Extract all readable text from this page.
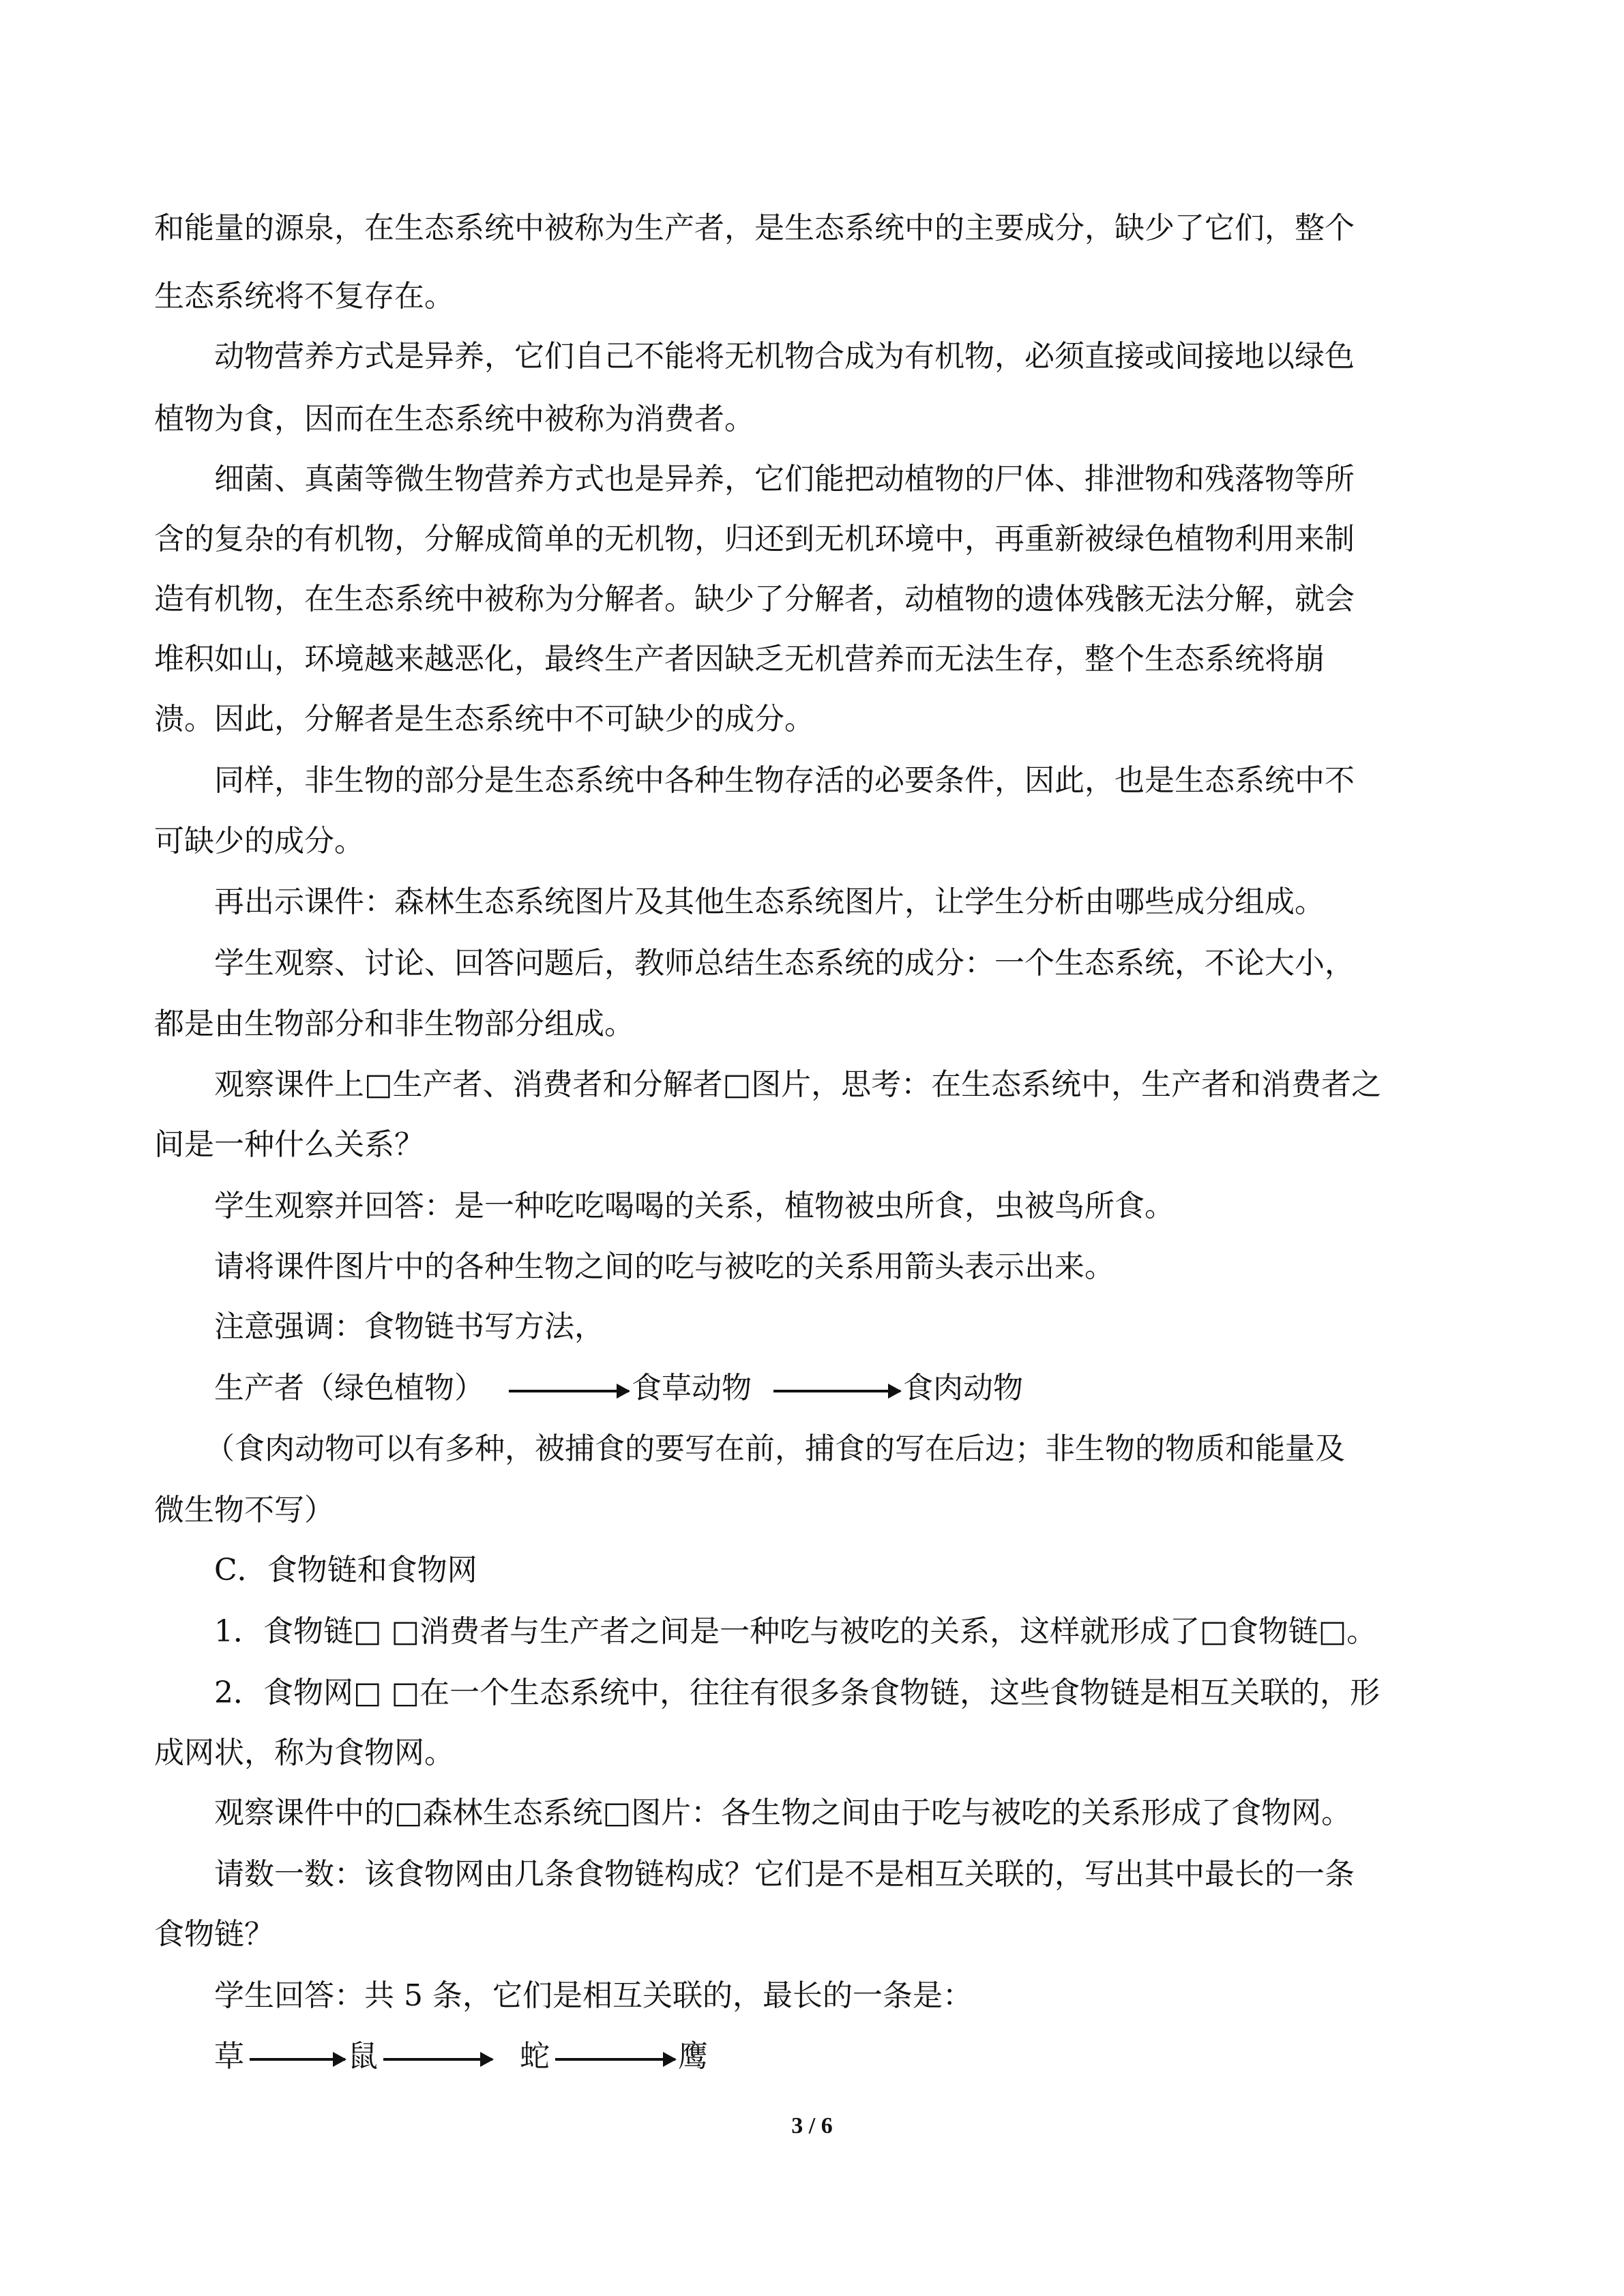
和能量的源泉，在生态系统中被称为生产者，是生态系统中的主要成分，缺少了它们，整个

生态系统将不复存在。

动物营养方式是异养，它们自己不能将无机物合成为有机物，必须直接或间接地以绿色

植物为食，因而在生态系统中被称为消费者。

细菌、真菌等微生物营养方式也是异养，它们能把动植物的尸体、排泄物和残落物等所

含的复杂的有机物，分解成简单的无机物，归还到无机环境中，再重新被绿色植物利用来制

造有机物，在生态系统中被称为分解者。缺少了分解者，动植物的遗体残骸无法分解，就会

堆积如山，环境越来越恶化，最终生产者因缺乏无机营养而无法生存，整个生态系统将崩

溃。因此，分解者是生态系统中不可缺少的成分。

同样，非生物的部分是生态系统中各种生物存活的必要条件，因此，也是生态系统中不

可缺少的成分。

再出示课件：森林生态系统图片及其他生态系统图片，让学生分析由哪些成分组成。

学生观察、讨论、回答问题后，教师总结生态系统的成分：一个生态系统，不论大小，

都是由生物部分和非生物部分组成。

观察课件上□生产者、消费者和分解者□图片，思考：在生态系统中，生产者和消费者之

间是一种什么关系？

学生观察并回答：是一种吃吃喝喝的关系，植物被虫所食，虫被鸟所食。

请将课件图片中的各种生物之间的吃与被吃的关系用箭头表示出来。

注意强调：食物链书写方法，

生产者（绿色植物）	食草动物	食肉动物

（食肉动物可以有多种，被捕食的要写在前，捕食的写在后边；非生物的物质和能量及

微生物不写）

C．食物链和食物网

1．食物链□ □消费者与生产者之间是一种吃与被吃的关系，这样就形成了□食物链□。

2．食物网□ □在一个生态系统中，往往有很多条食物链，这些食物链是相互关联的，形

成网状，称为食物网。

观察课件中的□森林生态系统□图片：各生物之间由于吃与被吃的关系形成了食物网。

请数一数：该食物网由几条食物链构成？它们是不是相互关联的，写出其中最长的一条

食物链？

学生回答：共 5 条，它们是相互关联的，最长的一条是：

草	鼠	蛇	鹰
3 / 6
